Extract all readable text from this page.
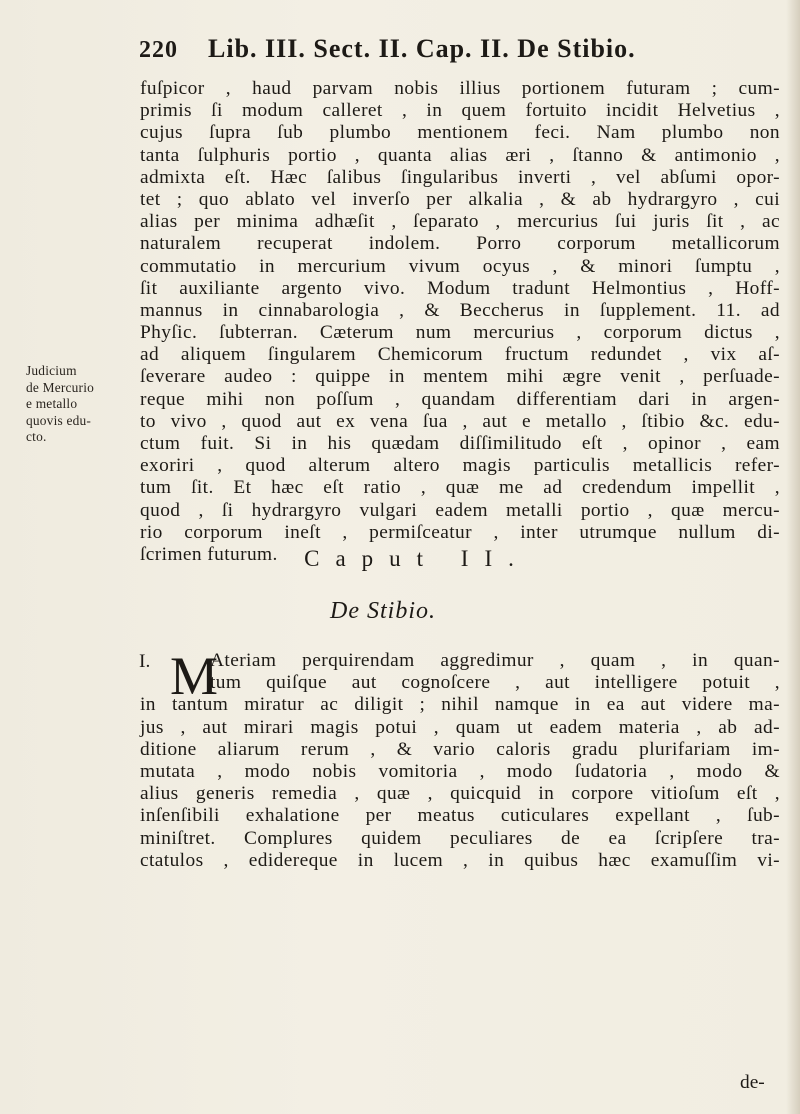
220 Lib. III. Sect. II. Cap. II. De Stibio.
fuſpicor , haud parvam nobis illius portionem futuram ; cum-
primis ſi modum calleret , in quem fortuito incidit Helvetius ,
cujus ſupra ſub plumbo mentionem feci. Nam plumbo non
tanta ſulphuris portio , quanta alias æri , ſtanno & antimonio ,
admixta eſt. Hæc ſalibus ſingularibus inverti , vel abſumi opor-
tet ; quo ablato vel inverſo per alkalia , & ab hydrargyro , cui
alias per minima adhæſit , ſeparato , mercurius ſui juris ſit , ac
naturalem recuperat indolem. Porro corporum metallicorum
commutatio in mercurium vivum ocyus , & minori ſumptu ,
ſit auxiliante argento vivo. Modum tradunt Helmontius , Hoff-
mannus in cinnabarologia , & Beccherus in ſupplement. 11. ad
Phyſic. ſubterran. Cæterum num mercurius , corporum dictus ,
ad aliquem ſingularem Chemicorum fructum redundet , vix aſ-
ſeverare audeo : quippe in mentem mihi ægre venit , perſuade-
reque mihi non poſſum , quandam differentiam dari in argen-
to vivo , quod aut ex vena ſua , aut e metallo , ſtibio &c. edu-
ctum fuit. Si in his quædam diſſimilitudo eſt , opinor , eam
exoriri , quod alterum altero magis particulis metallicis refer-
tum ſit. Et hæc eſt ratio , quæ me ad credendum impellit ,
quod , ſi hydrargyro vulgari eadem metalli portio , quæ mercu-
rio corporum ineſt , permiſceatur , inter utrumque nullum di-
ſcrimen futurum.
Judicium
de Mercurio
e metallo
quovis edu-
cto.
Caput II.
De Stibio.
I. M
Ateriam perquirendam aggredimur , quam , in quan-
tum quiſque aut cognoſcere , aut intelligere potuit ,
in tantum miratur ac diligit ; nihil namque in ea aut videre ma-
jus , aut mirari magis potui , quam ut eadem materia , ab ad-
ditione aliarum rerum , & vario caloris gradu plurifariam im-
mutata , modo nobis vomitoria , modo ſudatoria , modo &
alius generis remedia , quæ , quicquid in corpore vitioſum eſt ,
inſenſibili exhalatione per meatus cuticulares expellant , ſub-
miniſtret. Complures quidem peculiares de ea ſcripſere tra-
ctatulos , edidereque in lucem , in quibus hæc examuſſim vi-
de-
